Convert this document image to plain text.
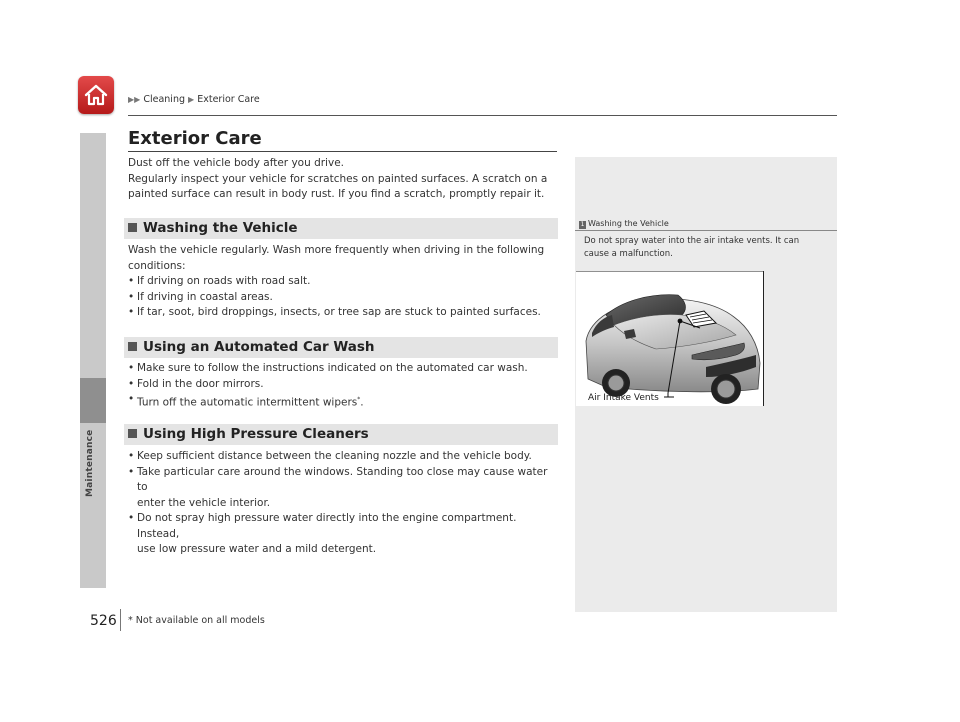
Maintenance
▶▶ Cleaning ▶ Exterior Care
Exterior Care
Dust off the vehicle body after you drive.
Regularly inspect your vehicle for scratches on painted surfaces. A scratch on a
painted surface can result in body rust. If you find a scratch, promptly repair it.
Washing the Vehicle
Wash the vehicle regularly. Wash more frequently when driving in the following
conditions:
• If driving on roads with road salt.
• If driving in coastal areas.
• If tar, soot, bird droppings, insects, or tree sap are stuck to painted surfaces.
Using an Automated Car Wash
• Make sure to follow the instructions indicated on the automated car wash.
• Fold in the door mirrors.
• Turn off the automatic intermittent wipers*.
Using High Pressure Cleaners
• Keep sufficient distance between the cleaning nozzle and the vehicle body.
• Take particular care around the windows. Standing too close may cause water to
enter the vehicle interior.
• Do not spray high pressure water directly into the engine compartment. Instead,
use low pressure water and a mild detergent.
1 Washing the Vehicle
Do not spray water into the air intake vents. It can
cause a malfunction.
Air Intake Vents
526 * Not available on all models
